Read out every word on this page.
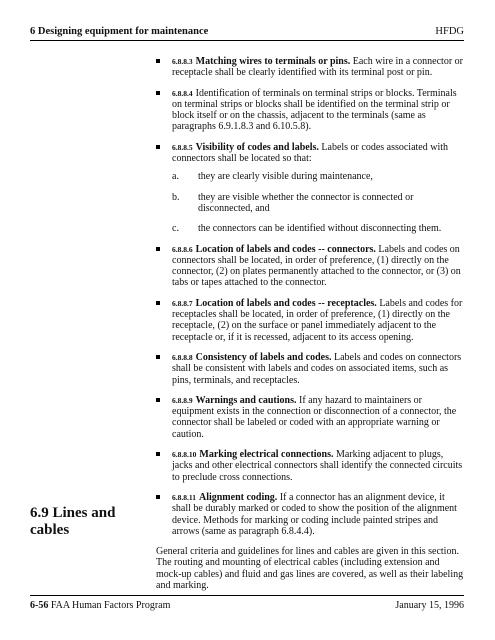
6 Designing equipment for maintenance	HFDG
6.8.8.3 Matching wires to terminals or pins. Each wire in a connector or receptacle shall be clearly identified with its terminal post or pin.
6.8.8.4 Identification of terminals on terminal strips or blocks. Terminals on terminal strips or blocks shall be identified on the terminal strip or block itself or on the chassis, adjacent to the terminals (same as paragraphs 6.9.1.8.3 and 6.10.5.8).
6.8.8.5 Visibility of codes and labels. Labels or codes associated with connectors shall be located so that:
a.	they are clearly visible during maintenance,
b.	they are visible whether the connector is connected or disconnected, and
c.	the connectors can be identified without disconnecting them.
6.8.8.6 Location of labels and codes -- connectors. Labels and codes on connectors shall be located, in order of preference, (1) directly on the connector, (2) on plates permanently attached to the connector, or (3) on tabs or tapes attached to the connector.
6.8.8.7 Location of labels and codes -- receptacles. Labels and codes for receptacles shall be located, in order of preference, (1) directly on the receptacle, (2) on the surface or panel immediately adjacent to the receptacle or, if it is recessed, adjacent to its access opening.
6.8.8.8 Consistency of labels and codes. Labels and codes on connectors shall be consistent with labels and codes on associated items, such as pins, terminals, and receptacles.
6.8.8.9 Warnings and cautions. If any hazard to maintainers or equipment exists in the connection or disconnection of a connector, the connector shall be labeled or coded with an appropriate warning or caution.
6.8.8.10 Marking electrical connections. Marking adjacent to plugs, jacks and other electrical connectors shall identify the connected circuits to preclude cross connections.
6.8.8.11 Alignment coding. If a connector has an alignment device, it shall be durably marked or coded to show the position of the alignment device. Methods for marking or coding include painted stripes and arrows (same as paragraph 6.8.4.4).
General criteria and guidelines for lines and cables are given in this section. The routing and mounting of electrical cables (including extension and mock-up cables) and fluid and gas lines are covered, as well as their labeling and marking.
6.9 Lines and cables
6-56 FAA Human Factors Program	January 15, 1996
